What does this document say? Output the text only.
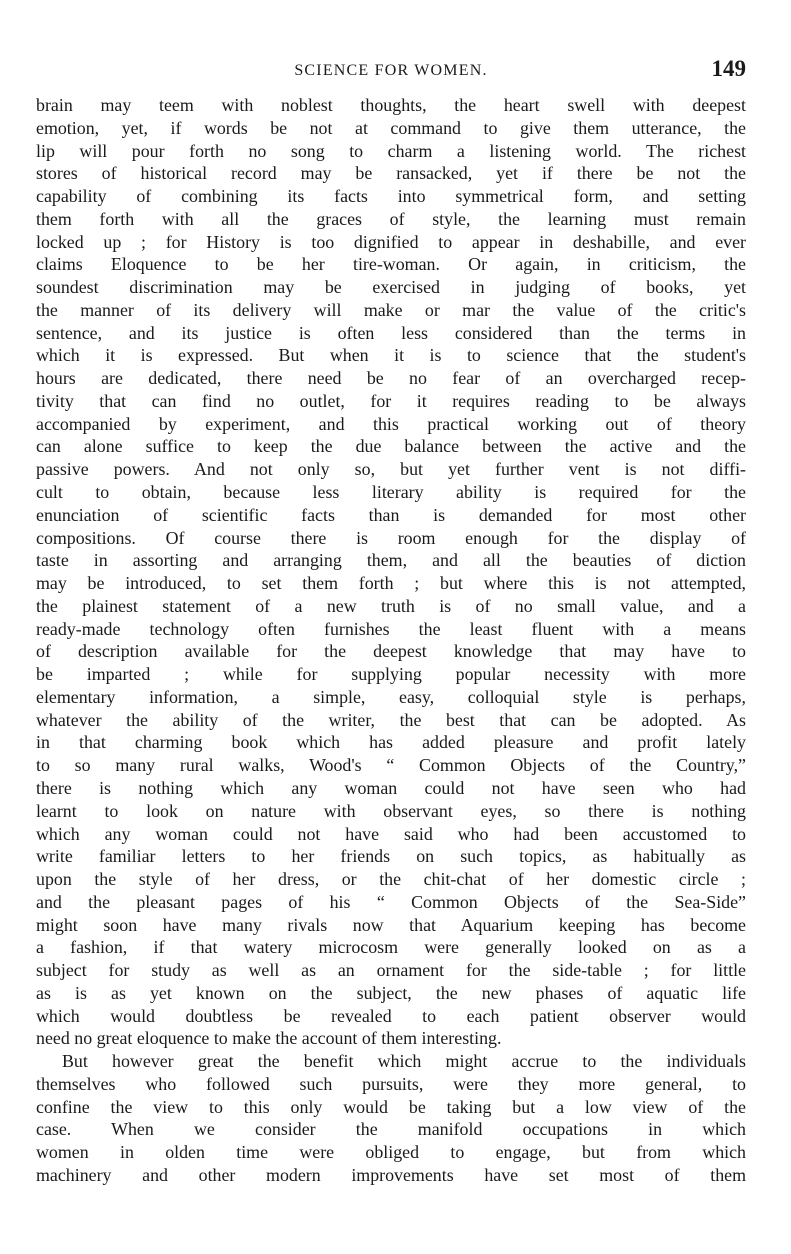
SCIENCE FOR WOMEN.	149
brain may teem with noblest thoughts, the heart swell with deepest
emotion, yet, if words be not at command to give them utterance, the
lip will pour forth no song to charm a listening world. The richest
stores of historical record may be ransacked, yet if there be not the
capability of combining its facts into symmetrical form, and setting
them forth with all the graces of style, the learning must remain
locked up ; for History is too dignified to appear in deshabille, and ever
claims Eloquence to be her tire-woman. Or again, in criticism, the
soundest discrimination may be exercised in judging of books, yet
the manner of its delivery will make or mar the value of the critic's
sentence, and its justice is often less considered than the terms in
which it is expressed. But when it is to science that the student's
hours are dedicated, there need be no fear of an overcharged recep-
tivity that can find no outlet, for it requires reading to be always
accompanied by experiment, and this practical working out of theory
can alone suffice to keep the due balance between the active and the
passive powers. And not only so, but yet further vent is not diffi-
cult to obtain, because less literary ability is required for the
enunciation of scientific facts than is demanded for most other
compositions. Of course there is room enough for the display of
taste in assorting and arranging them, and all the beauties of diction
may be introduced, to set them forth ; but where this is not attempted,
the plainest statement of a new truth is of no small value, and a
ready-made technology often furnishes the least fluent with a means
of description available for the deepest knowledge that may have to
be imparted ; while for supplying popular necessity with more
elementary information, a simple, easy, colloquial style is perhaps,
whatever the ability of the writer, the best that can be adopted. As
in that charming book which has added pleasure and profit lately
to so many rural walks, Wood's “ Common Objects of the Country,”
there is nothing which any woman could not have seen who had
learnt to look on nature with observant eyes, so there is nothing
which any woman could not have said who had been accustomed to
write familiar letters to her friends on such topics, as habitually as
upon the style of her dress, or the chit-chat of her domestic circle ;
and the pleasant pages of his “ Common Objects of the Sea-Side”
might soon have many rivals now that Aquarium keeping has become
a fashion, if that watery microcosm were generally looked on as a
subject for study as well as an ornament for the side-table ; for little
as is as yet known on the subject, the new phases of aquatic life
which would doubtless be revealed to each patient observer would
need no great eloquence to make the account of them interesting.
But however great the benefit which might accrue to the individuals
themselves who followed such pursuits, were they more general, to
confine the view to this only would be taking but a low view of the
case. When we consider the manifold occupations in which
women in olden time were obliged to engage, but from which
machinery and other modern improvements have set most of them
